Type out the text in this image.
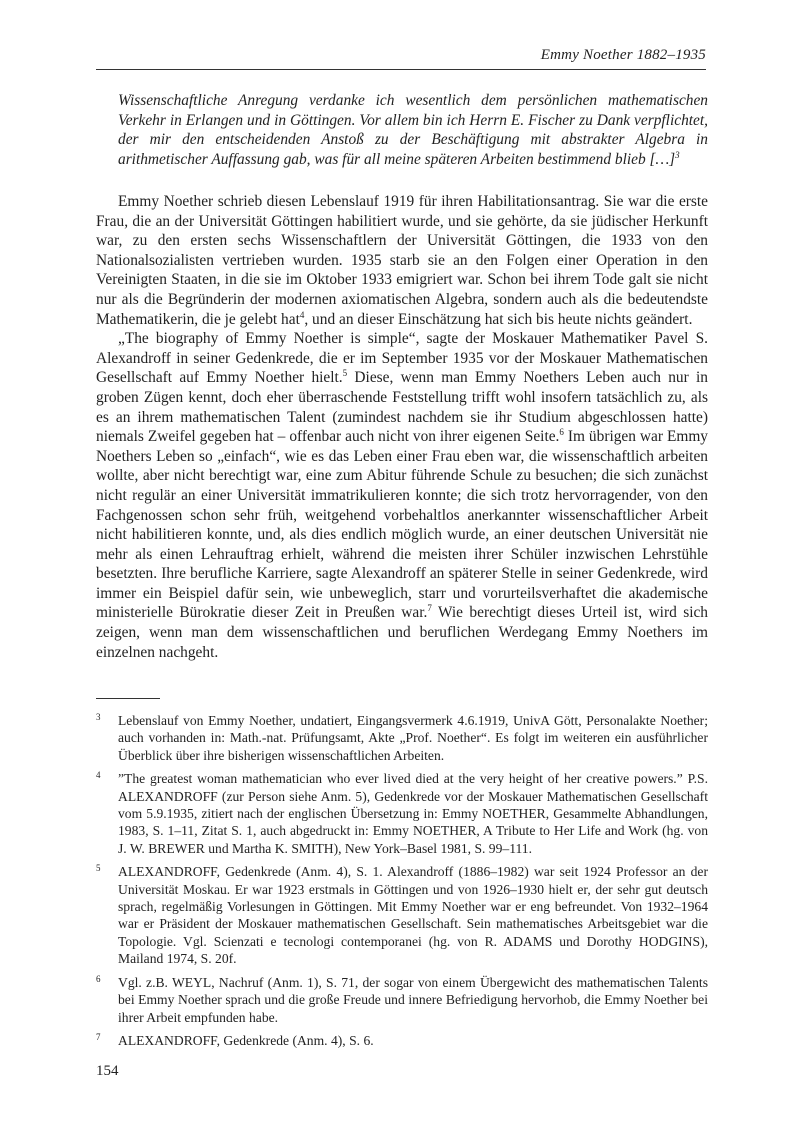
Emmy Noether 1882–1935

Wissenschaftliche Anregung verdanke ich wesentlich dem persönlichen mathematischen Verkehr in Erlangen und in Göttingen. Vor allem bin ich Herrn E. Fischer zu Dank verpflichtet, der mir den entscheidenden Anstoß zu der Beschäftigung mit abstrakter Algebra in arithmetischer Auffassung gab, was für all meine späteren Arbeiten bestimmend blieb […]$^3$

Emmy Noether schrieb diesen Lebenslauf 1919 für ihren Habilitationsantrag. Sie war die erste Frau, die an der Universität Göttingen habilitiert wurde, und sie gehörte, da sie jüdischer Herkunft war, zu den ersten sechs Wissenschaftlern der Universität Göttingen, die 1933 von den Nationalsozialisten vertrieben wurden. 1935 starb sie an den Folgen einer Operation in den Vereinigten Staaten, in die sie im Oktober 1933 emigriert war. Schon bei ihrem Tode galt sie nicht nur als die Begründerin der modernen axiomatischen Algebra, sondern auch als die bedeutendste Mathematikerin, die je gelebt hat$^4$, und an dieser Einschätzung hat sich bis heute nichts geändert.

„The biography of Emmy Noether is simple“, sagte der Moskauer Mathematiker Pavel S. Alexandroff in seiner Gedenkrede, die er im September 1935 vor der Moskauer Mathematischen Gesellschaft auf Emmy Noether hielt.$^5$ Diese, wenn man Emmy Noethers Leben auch nur in groben Zügen kennt, doch eher überraschende Feststellung trifft wohl insofern tatsächlich zu, als es an ihrem mathematischen Talent (zumindest nachdem sie ihr Studium abgeschlossen hatte) niemals Zweifel gegeben hat – offenbar auch nicht von ihrer eigenen Seite.$^6$ Im übrigen war Emmy Noethers Leben so „einfach“, wie es das Leben einer Frau eben war, die wissenschaftlich arbeiten wollte, aber nicht berechtigt war, eine zum Abitur führende Schule zu besuchen; die sich zunächst nicht regulär an einer Universität immatrikulieren konnte; die sich trotz hervorragender, von den Fachgenossen schon sehr früh, weitgehend vorbehaltlos anerkannter wissenschaftlicher Arbeit nicht habilitieren konnte, und, als dies endlich möglich wurde, an einer deutschen Universität nie mehr als einen Lehrauftrag erhielt, während die meisten ihrer Schüler inzwischen Lehrstühle besetzten. Ihre berufliche Karriere, sagte Alexandroff an späterer Stelle in seiner Gedenkrede, wird immer ein Beispiel dafür sein, wie unbeweglich, starr und vorurteilsverhaftet die akademische ministerielle Bürokratie dieser Zeit in Preußen war.$^7$ Wie berechtigt dieses Urteil ist, wird sich zeigen, wenn man dem wissenschaftlichen und beruflichen Werdegang Emmy Noethers im einzelnen nachgeht.

3 Lebenslauf von Emmy Noether, undatiert, Eingangsvermerk 4.6.1919, UnivA Gött, Personalakte Noether; auch vorhanden in: Math.-nat. Prüfungsamt, Akte „Prof. Noether“. Es folgt im weiteren ein ausführlicher Überblick über ihre bisherigen wissenschaftlichen Arbeiten.

4 ”The greatest woman mathematician who ever lived died at the very height of her creative powers.” P.S. ALEXANDROFF (zur Person siehe Anm. 5), Gedenkrede vor der Moskauer Mathematischen Gesellschaft vom 5.9.1935, zitiert nach der englischen Übersetzung in: Emmy NOETHER, Gesammelte Abhandlungen, 1983, S. 1–11, Zitat S. 1, auch abgedruckt in: Emmy NOETHER, A Tribute to Her Life and Work (hg. von J. W. BREWER und Martha K. SMITH), New York–Basel 1981, S. 99–111.

5 ALEXANDROFF, Gedenkrede (Anm. 4), S. 1. Alexandroff (1886–1982) war seit 1924 Professor an der Universität Moskau. Er war 1923 erstmals in Göttingen und von 1926–1930 hielt er, der sehr gut deutsch sprach, regelmäßig Vorlesungen in Göttingen. Mit Emmy Noether war er eng befreundet. Von 1932–1964 war er Präsident der Moskauer mathematischen Gesellschaft. Sein mathematisches Arbeitsgebiet war die Topologie. Vgl. Scienzati e tecnologi contemporanei (hg. von R. ADAMS und Dorothy HODGINS), Mailand 1974, S. 20f.

6 Vgl. z.B. WEYL, Nachruf (Anm. 1), S. 71, der sogar von einem Übergewicht des mathematischen Talents bei Emmy Noether sprach und die große Freude und innere Befriedigung hervorhob, die Emmy Noether bei ihrer Arbeit empfunden habe.

7 ALEXANDROFF, Gedenkrede (Anm. 4), S. 6.

154
